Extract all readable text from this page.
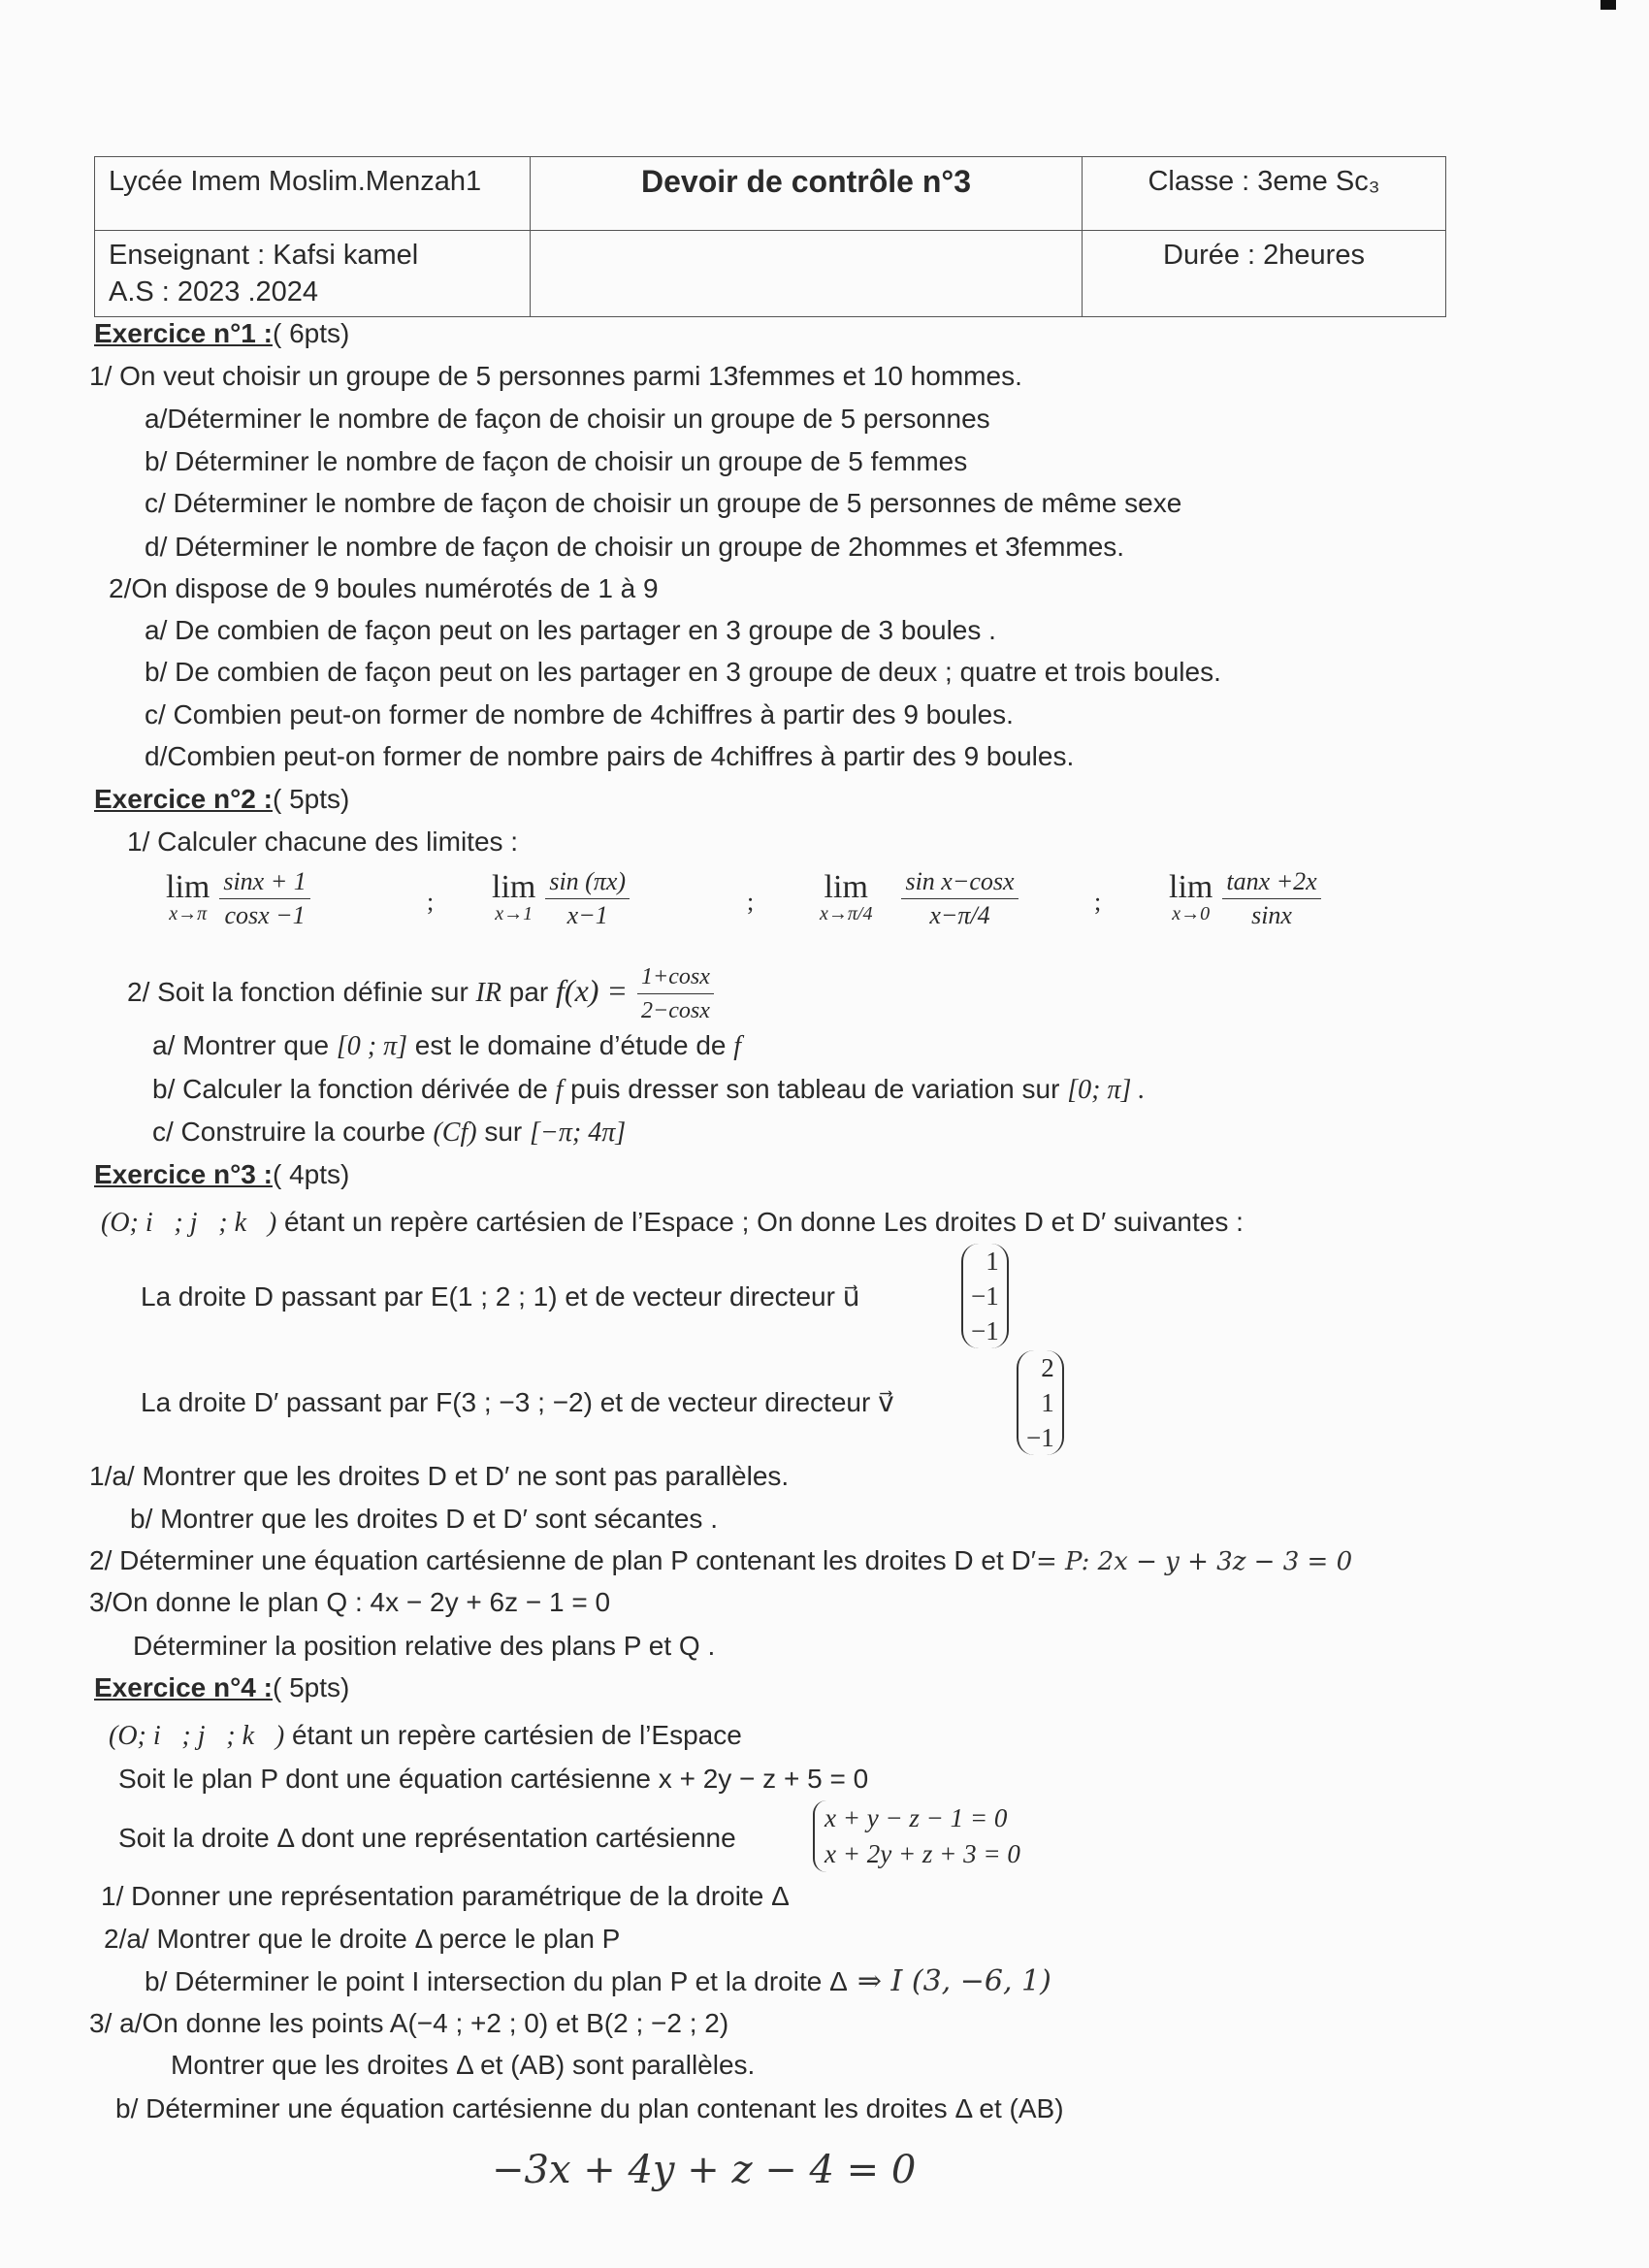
Lycée Imem Moslim.Menzah1	Devoir de contrôle n°3	Classe : 3eme Sc₃

Enseignant : Kafsi kamel
A.S : 2023 .2024		Durée : 2heures
Exercice n°1 :( 6pts)
1/ On veut choisir un groupe de 5 personnes parmi 13femmes et 10 hommes.
a/Déterminer le nombre de façon de choisir un groupe de 5 personnes
b/ Déterminer le nombre de façon de choisir un groupe de 5 femmes
c/ Déterminer le nombre de façon de choisir un groupe de 5 personnes de même sexe
d/ Déterminer le nombre de façon de choisir un groupe de 2hommes et 3femmes.
2/On dispose de 9 boules numérotés de 1 à 9
a/ De combien de façon peut on les partager en 3 groupe de 3 boules .
b/ De combien de façon peut on les partager en 3 groupe de deux ; quatre et trois boules.
c/ Combien peut-on former de nombre de 4chiffres à partir des 9 boules.
d/Combien peut-on former de nombre pairs de 4chiffres à partir des 9 boules.
Exercice n°2 :( 5pts)
1/ Calculer chacune des limites :
lim
$x\to\pi \frac{\sin x + 1}{\cos x -1}$	; lim
$x\to 1 \frac{\sin (\pi x)}{x-1}$	; lim
$x\to\pi/4 \frac{\text{sin x−cosx}}{x-\pi/4}$	; lim
$x\to 0 \frac{\tan x +2x}{\sin x}$
2/ Soit la fonction définie sur IR par $f(x) = \frac{1+\cos x}{2-\cos x}$
a/ Montrer que [0 ; π] est le domaine d’étude de f
b/ Calculer la fonction dérivée de f puis dresser son tableau de variation sur [0; π] .
c/ Construire la courbe (Cf) sur [−π; 4π]
Exercice n°3 :( 4pts)
(O; i⃗; j⃗; k⃗) étant un repère cartésien de l’Espace ; On donne Les droites D et D′ suivantes :
La droite D passant par E(1 ; 2 ; 1) et de vecteur directeur u⃗
1
−1
−1
La droite D′ passant par F(3 ; −3 ; −2) et de vecteur directeur v⃗
2
1
−1
1/a/ Montrer que les droites D et D′ ne sont pas parallèles.
b/ Montrer que les droites D et D′ sont sécantes .
2/ Déterminer une équation cartésienne de plan P contenant les droites D et D′= P: 2x − y + 3z − 3 = 0
3/On donne le plan Q : 4x − 2y + 6z − 1 = 0
Déterminer la position relative des plans P et Q .
Exercice n°4 :( 5pts)
(O; i⃗; j⃗; k⃗) étant un repère cartésien de l’Espace
Soit le plan P dont une équation cartésienne x + 2y − z + 5 = 0
Soit la droite Δ dont une représentation cartésienne
x + y − z − 1 = 0
x + 2y + z + 3 = 0
1/ Donner une représentation paramétrique de la droite Δ
2/a/ Montrer que le droite Δ perce le plan P
b/ Déterminer le point I intersection du plan P et la droite Δ ⇒ I (3, −6, 1)
3/ a/On donne les points A(−4 ; +2 ; 0) et B(2 ; −2 ; 2)
Montrer que les droites Δ et (AB) sont parallèles.
b/ Déterminer une équation cartésienne du plan contenant les droites Δ et (AB)
−3x + 4y + z − 4 = 0
